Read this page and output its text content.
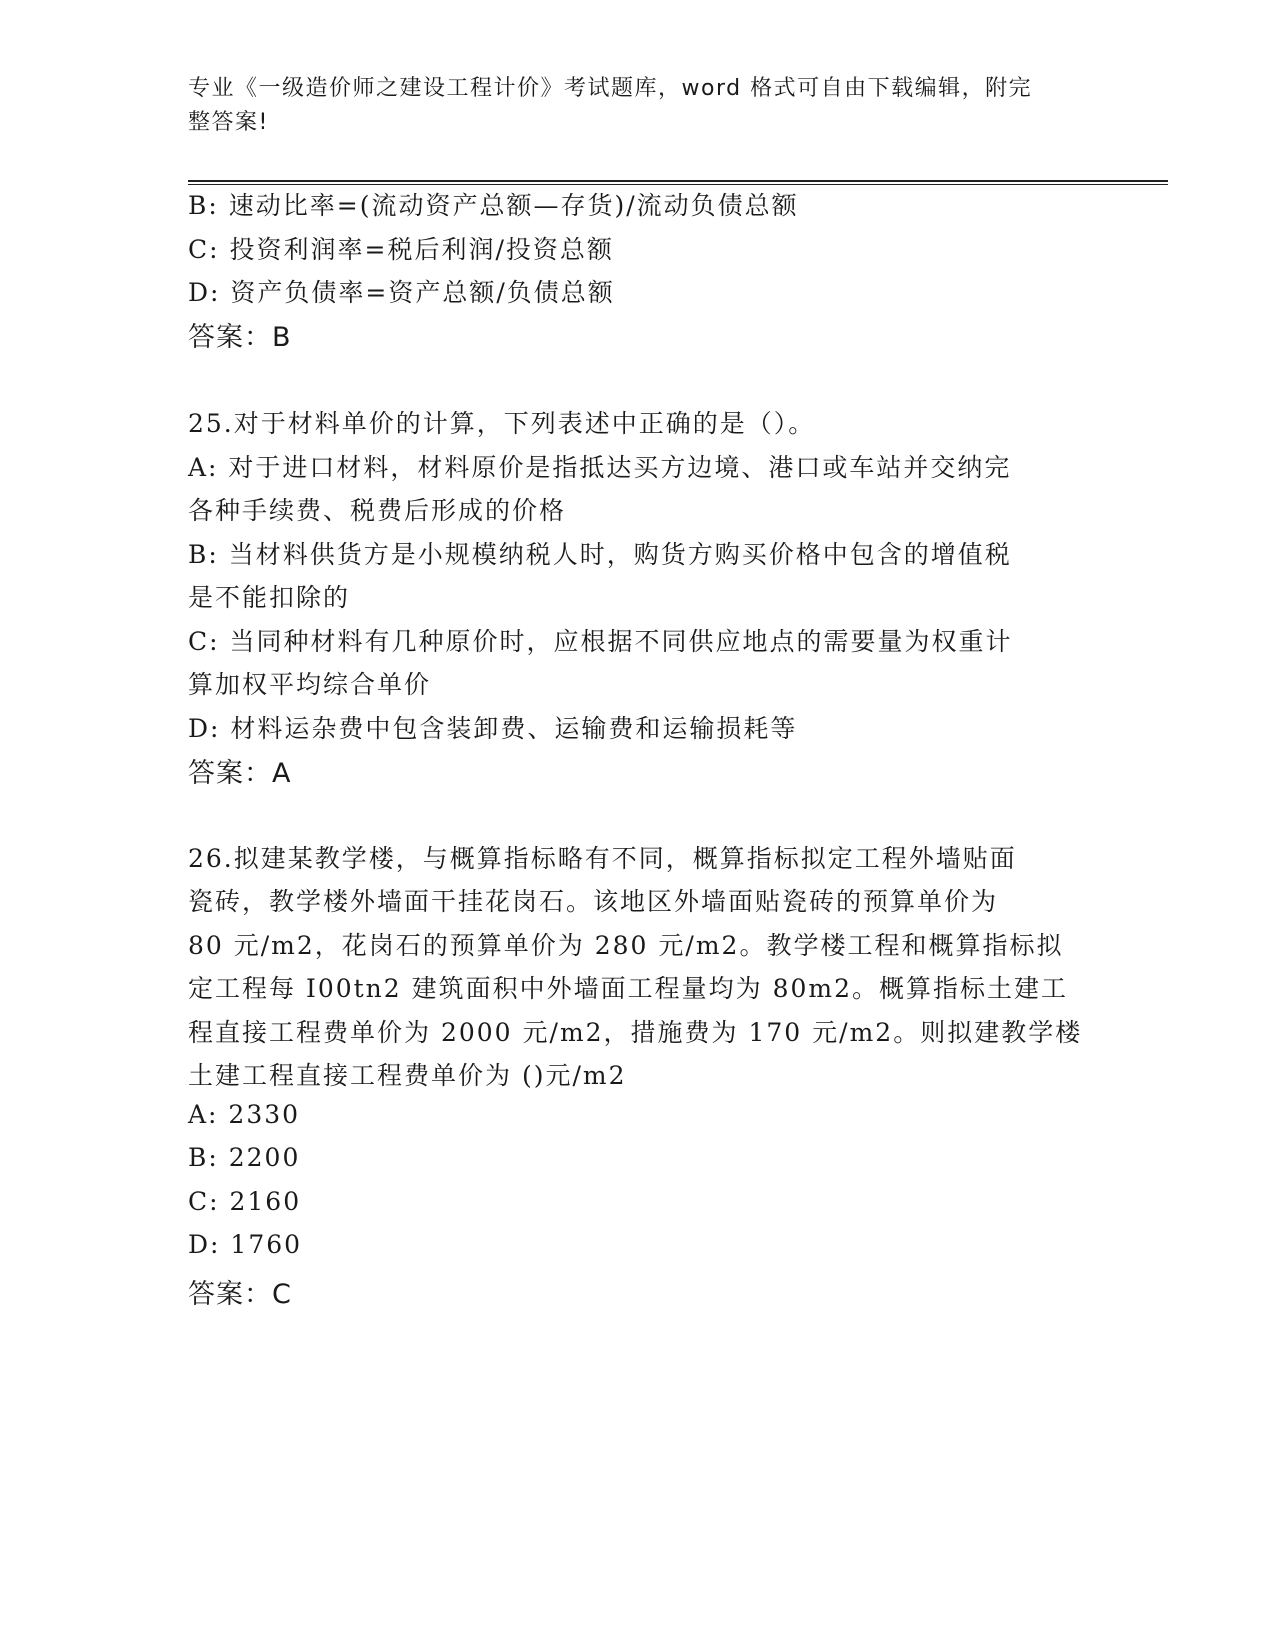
专业《一级造价师之建设工程计价》考试题库，word 格式可自由下载编辑，附完
整答案!
B: 速动比率=(流动资产总额—存货)/流动负债总额
C: 投资利润率=税后利润/投资总额
D: 资产负债率=资产总额/负债总额
答案：B
25.对于材料单价的计算，下列表述中正确的是（）。
A: 对于进口材料，材料原价是指抵达买方边境、港口或车站并交纳完
各种手续费、税费后形成的价格
B: 当材料供货方是小规模纳税人时，购货方购买价格中包含的增值税
是不能扣除的
C: 当同种材料有几种原价时，应根据不同供应地点的需要量为权重计
算加权平均综合单价
D: 材料运杂费中包含装卸费、运输费和运输损耗等
答案：A
26.拟建某教学楼，与概算指标略有不同，概算指标拟定工程外墙贴面
瓷砖，教学楼外墙面干挂花岗石。该地区外墙面贴瓷砖的预算单价为
80 元/m2，花岗石的预算单价为 280 元/m2。教学楼工程和概算指标拟
定工程每 I00tn2 建筑面积中外墙面工程量均为 80m2。概算指标土建工
程直接工程费单价为 2000 元/m2，措施费为 170 元/m2。则拟建教学楼
土建工程直接工程费单价为 ()元/m2
A: 2330
B: 2200
C: 2160
D: 1760
答案：C
